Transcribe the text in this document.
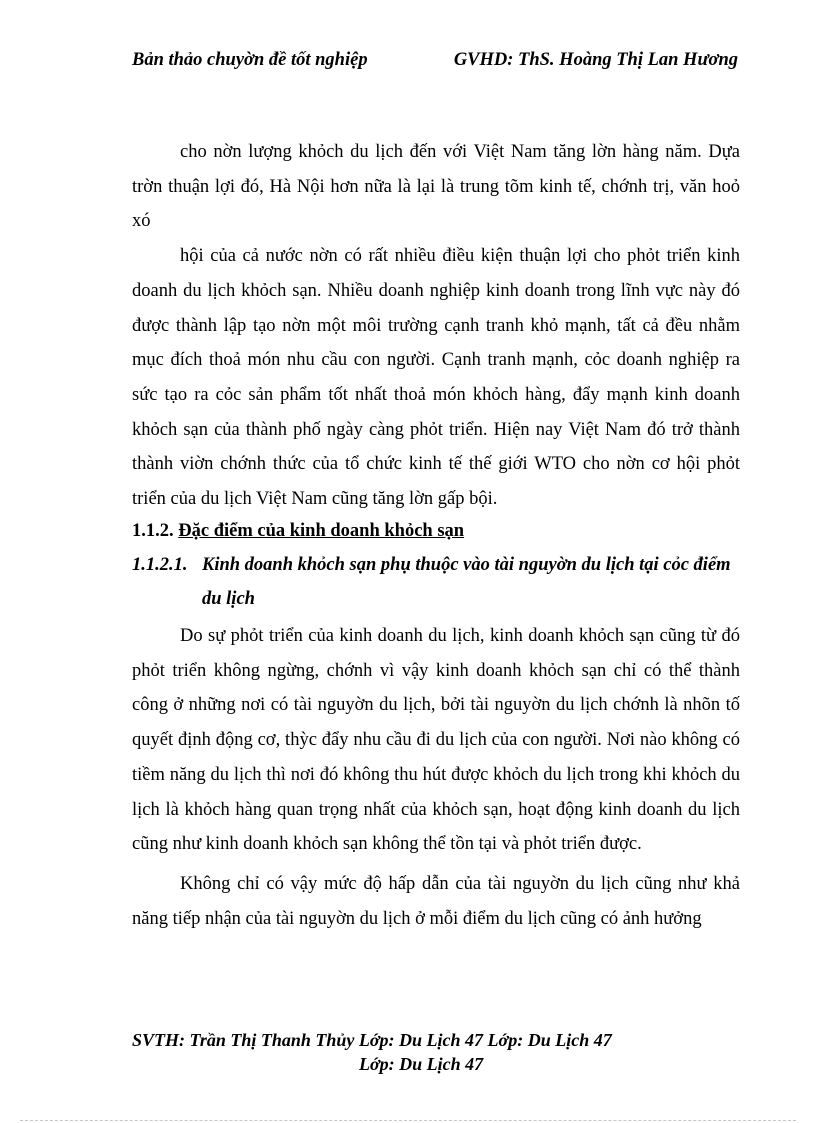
Bản thảo chuyờn đề tốt nghiệp	GVHD: ThS. Hoàng Thị Lan Hương

cho nờn lượng khỏch du lịch đến với Việt Nam tăng lờn hàng năm. Dựa trờn thuận lợi đó, Hà Nội hơn nữa là lại là trung tõm kinh tế, chớnh trị, văn hoỏ xó

hội của cả nước nờn có rất nhiều điều kiện thuận lợi cho phỏt triển kinh doanh du lịch khỏch sạn. Nhiều doanh nghiệp kinh doanh trong lĩnh vực này đó được thành lập tạo nờn một môi trường cạnh tranh khỏ mạnh, tất cả đều nhằm mục đích thoả món nhu cầu con người. Cạnh tranh mạnh, cỏc doanh nghiệp ra sức tạo ra cỏc sản phẩm tốt nhất thoả món khỏch hàng, đẩy mạnh kinh doanh khỏch sạn của thành phố ngày càng phỏt triển. Hiện nay Việt Nam đó trở thành thành viờn chớnh thức của tổ chức kinh tế thế giới WTO cho nờn cơ hội phỏt triển của du lịch Việt Nam cũng tăng lờn gấp bội.

1.1.2. Đặc điểm của kinh doanh khỏch sạn
1.1.2.1. Kinh doanh khỏch sạn phụ thuộc vào tài nguyờn du lịch tại cỏc điểm
du lịch

Do sự phỏt triển của kinh doanh du lịch, kinh doanh khỏch sạn cũng từ đó phỏt triển không ngừng, chớnh vì vậy kinh doanh khỏch sạn chỉ có thể thành công ở những nơi có tài nguyờn du lịch, bởi tài nguyờn du lịch chớnh là nhõn tố quyết định động cơ, thỳc đẩy nhu cầu đi du lịch của con người. Nơi nào không có tiềm năng du lịch thì nơi đó không thu hút được khỏch du lịch trong khi khỏch du lịch là khỏch hàng quan trọng nhất của khỏch sạn, hoạt động kinh doanh du lịch cũng như kinh doanh khỏch sạn không thể tồn tại và phỏt triển được.

Không chỉ có vậy mức độ hấp dẫn của tài nguyờn du lịch cũng như khả năng tiếp nhận của tài nguyờn du lịch ở mỗi điểm du lịch cũng có ảnh hưởng

SVTH: Trần Thị Thanh Thủy Lớp: Du Lịch 47 Lớp: Du Lịch 47
Lớp: Du Lịch 47
